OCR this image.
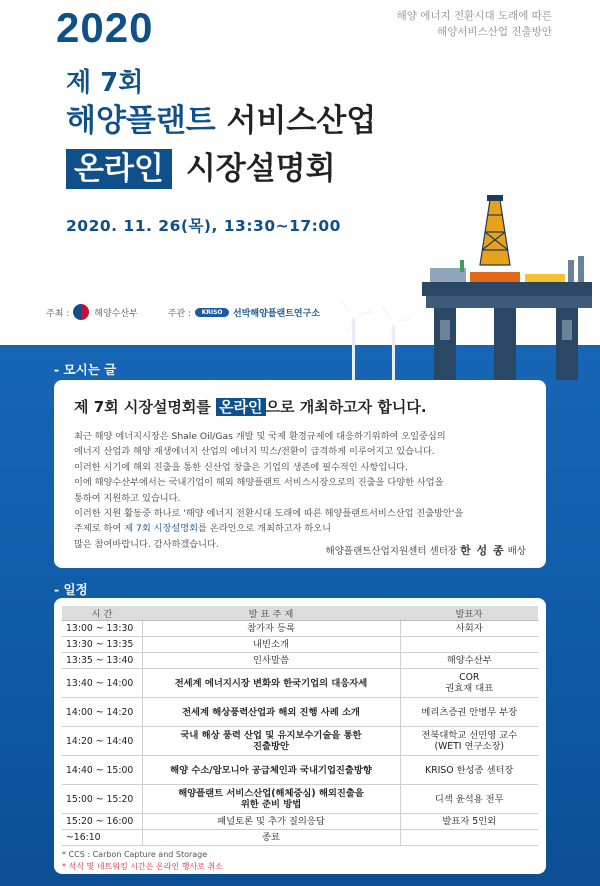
2020	해양 에너지 전환시대 도래에 따른
해양서비스산업 진출방안
제 7회
해양플랜트 서비스산업
온라인 시장설명회
2020. 11. 26(목), 13:30~17:00
주최 :	해양수산부	주관 :	KRISO	선박해양플랜트연구소
- 모시는 글
제 7회 시장설명회를 온라인 으로 개최하고자 합니다.
최근 해양 에너지시장은 Shale Oil/Gas 개발 및 국제 환경규제에 대응하기위하여 오일중심의
에너지 산업과 해양 재생에너지 산업의 에너지 믹스/전환이 급격하게 이루어지고 있습니다.
이러한 시기에 해외 진출을 통한 신산업 창출은 기업의 생존에 필수적인 사항입니다.
이에 해양수산부에서는 국내기업이 해외 해양플랜트 서비스시장으로의 진출을 다양한 사업을
통하여 지원하고 있습니다.
이러한 지원 활동중 하나로 '해양 에너지 전환시대 도래에 따른 해양플랜트서비스산업 진출방안'을
주제로 하여 제 7회 시장설명회를 온라인으로 개최하고자 하오니
많은 참여바랍니다. 감사하겠습니다.
해양플랜트산업지원센터 센터장 한 성 종 배상
- 일정
시 간	발 표 주 제	발표자
13:00 ~ 13:30	참가자 등록	사회자
13:30 ~ 13:35	내빈소개	
13:35 ~ 13:40	인사말씀	해양수산부
13:40 ~ 14:00	전세계 에너지시장 변화와 한국기업의 대응자세	COR
권효재 대표
14:00 ~ 14:20	전세계 해상풍력산업과 해외 진행 사례 소개	메리츠증권 안병무 부장
14:20 ~ 14:40	국내 해상 풍력 산업 및 유지보수기술을 통한
진출방안	전북대학교 선민영 교수
(WETI 연구소장)
14:40 ~ 15:00	해양 수소/암모니아 공급체인과 국내기업진출방향	KRISO 한성종 센터장
15:00 ~ 15:20	해양플랜트 서비스산업(해체중심) 해외진출을
위한 준비 방법	디섹 윤석용 전무
15:20 ~ 16:00	패널토론 및 추가 질의응답	발표자 5인외
~16:10	종료	
* CCS : Carbon Capture and Storage
* 석식 및 네트워킹 시간은 온라인 행사로 취소
